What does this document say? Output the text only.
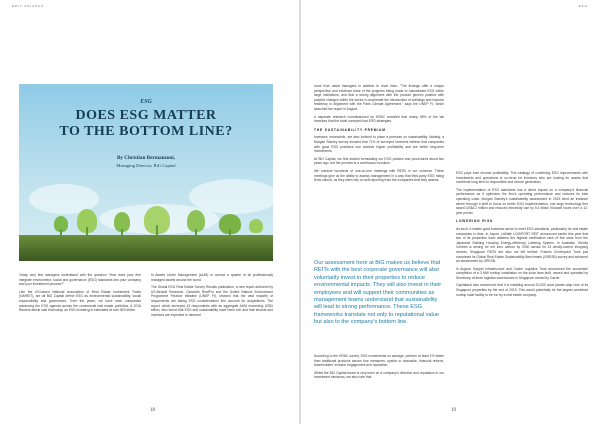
EDIT ASIAPAC
ESG
DOES ESG MATTER
TO THE BOTTOM LINE?
By Christian Bermanzoni,
Managing Director, BiG Capital

Today very few managers understand with the question "How does your firm integrate environment, social and governance (ESG) standards into your company and your investment process?"

Like the US-based National Association of Real Estate Investment Trusts (NAREIT), are all BiG Capital define ESG as environmental sustainability, social responsibility and governance. Over the years, we have seen companies advancing the ESG agenda across the commercial real estate portfolios. A 2016 Reuters article said that today, an ESG investing is estimated at over $20 trillion

in Assets Under Management (AUM) or around a quarter of all professionally managed assets around the world.

The Global ESG Real Estate Survey Results publication, a new report authored by US-Berault Research, Canada's RealPro and the United Nations Environment Programme Finance Initiative (UNEP FI), showed that the vast majority of respondents are taking ESG considerations into account for acquisitions. The report, which surveyed 43 respondents with an aggregate AUM exceeding US$1 billion, also found that ESG and sustainability have been rich and that tenants and investors are expected to demand

18
ESG

more from asset managers in addition to short risks. "The findings offer a unique perspective and evidence base of the progress being made to mainstream ESG within large institutions, and that a strong alignment with the product generic positive with positive changes within the sector to accelerate the introduction of buildings and improve resiliency in alignment with the Paris Climate Agreement," says the UNEP FI, which launched the report in August.

A separate research commissioned by HSBC revealed that nearly 55% of the lab investors that the bank surveyed had ESG strategies.

THE SUSTAINABILITY PREMIUM

Investors, meanwhile, are also inclined to place a premium on sustainability. Notably, a Morgan Stanley survey showed that 71% of surveyed investors believe that companies with good ESG practices can achieve higher profitability and are better long-term investments.

At BiG Capital, we first started formulating our ESG policies and procedures about two years ago, but the process is a continuous evolution.

We conduct hundreds of one-on-one meetings with REITs in our universe. These meetings give us the ability to assess management in a way that third-party ESG rating firms cannot, as they often rely on self-reporting from the companies that they assess.

Our assessment here at BiG makes us believe that REITs with the best corporate governance will also voluntarily invest in their properties to reduce environmental impacts. They will also invest in their employees and will support their communities as management teams understand that sustainability will lead to strong performance. These ESG frameworks translate not only to reputational value but also to the company's bottom line.

According to the HSBC survey, ESG investments on average, perform at least 1% better than traditional products across four measures: upside or downside, financial returns, shareholders' investor engagement and reputation.

Whilst the BiG Capital board is very keen on a company's direction and reputation in our investment decisions, we also note that

ESG pays from income profitability. This strategy of combining ESG improvements with investments and operations is on-trend for investors who are looking for assets that contribute long-term to responsible and secure generation.

The implementation of ESG standards has a direct impact on a company's financial performance as it optimizes the firm's operating performance and reduces its total operating costs. Morgan Stanley's sustainability assessment in 2015 cited an instance where through a shift to focus on better ESG implementation, one large technology firm saved US$4.2 million and reduced electricity use by 5.4 billion Kilowatt hours over a 12-year period.

LOWERING RISK

As such, it makes good business sense to meet ESG standards, particularly for real estate companies in Asia. In Japan, LaSalle LOGIPORT REIT announced earlier this year that two of its properties have attained the highest certification rank of five stars from the Japanese Building Housing Energy-efficiency Labeling System. In Australia, Vicinity Centres is aiming for net zero carbon by 2030 across its 24 wholly-owned shopping centres. Singapore REITs are also not left behind: Frasers Centrepoint Trust just completed its Global Real Estate Sustainability Benchmark (GRESB) survey and achieved an assessment by GRESB.

In August, Keppel Infrastructure and Cache Logistics Trust announced the successful completion of a 3 MW rooftop installation on the solar farm built, owned and operated by Sembcorp at three logistics warehouses in Singapore owned by Cache.

Capitaland also announced that it is installing around 20,000 solar panels atop nine of its Singapore properties by the end of 2019. This would potentially be the largest combined rooftop solar facility to be run by a real estate company.

19
